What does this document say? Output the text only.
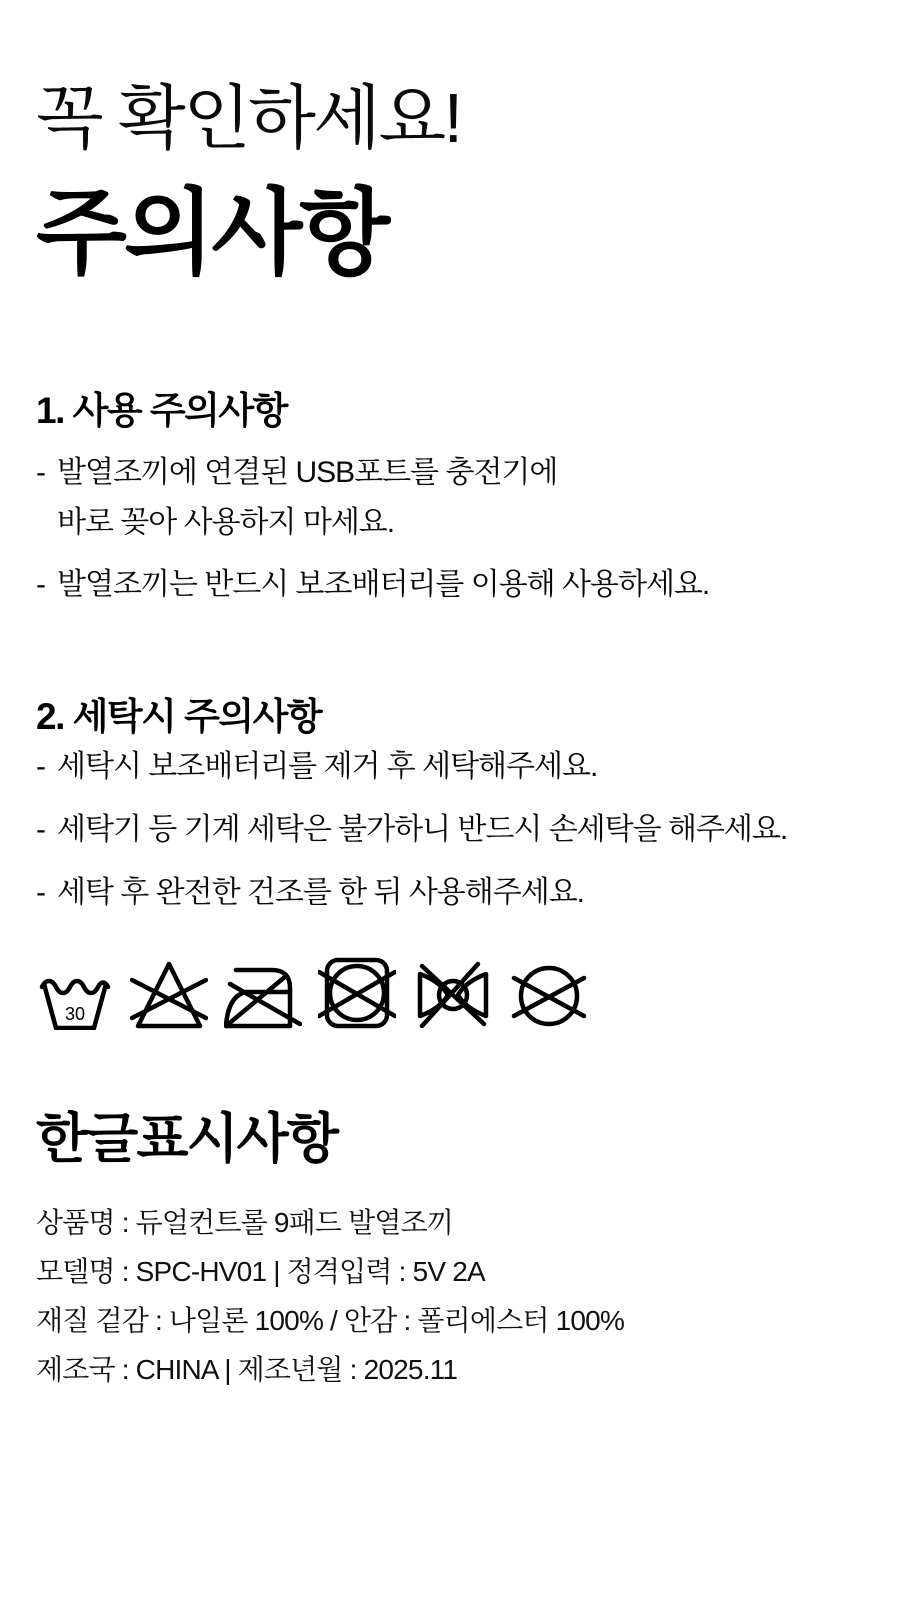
꼭 확인하세요!
주의사항
1. 사용 주의사항
- 발열조끼에 연결된 USB포트를 충전기에
바로 꽂아 사용하지 마세요.
- 발열조끼는 반드시 보조배터리를 이용해 사용하세요.
2. 세탁시 주의사항
- 세탁시 보조배터리를 제거 후 세탁해주세요.
- 세탁기 등 기계 세탁은 불가하니 반드시 손세탁을 해주세요.
- 세탁 후 완전한 건조를 한 뒤 사용해주세요.
30
한글표시사항
상품명 : 듀얼컨트롤 9패드 발열조끼
모델명 : SPC-HV01 | 정격입력 : 5V 2A
재질 겉감 : 나일론 100% / 안감 : 폴리에스터 100%
제조국 : CHINA | 제조년월 : 2025.11
